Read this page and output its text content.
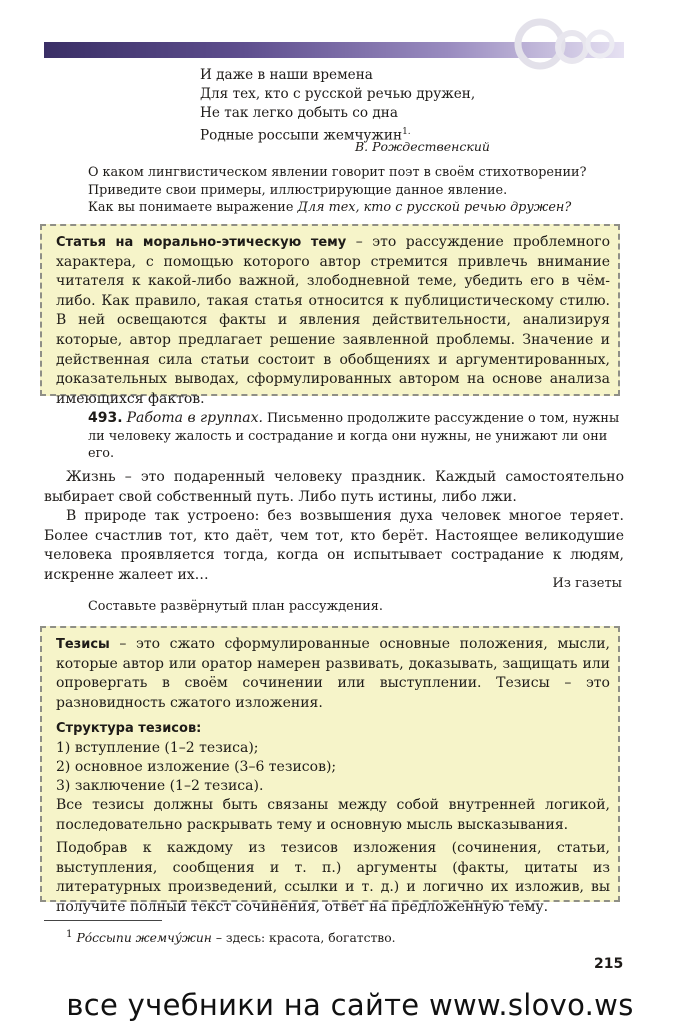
И даже в наши времена
Для тех, кто с русской речью дружен,
Не так легко добыть со дна
Родные россыпи жемчужин$^{1.}$
В. Рождественский
О каком лингвистическом явлении говорит поэт в своём стихотворении?
Приведите свои примеры, иллюстрирующие данное явление.
Как вы понимаете выражение Для тех, кто с русской речью дружен?

Статья на морально-этическую тему – это рассуждение проблемного характера, с помощью которого автор стремится привлечь внимание читателя к какой-либо важной, злободневной теме, убедить его в чём-либо. Как правило, такая статья относится к публицистическому стилю. В ней освещаются факты и явления действительности, анализируя которые, автор предлагает решение заявленной проблемы. Значение и действенная сила статьи состоит в обобщениях и аргументированных, доказательных выводах, сформулированных автором на основе анализа имеющихся фактов.

493. Работа в группах. Письменно продолжите рассуждение о том, нужны ли человеку жалость и сострадание и когда они нужны, не унижают ли они его.

Жизнь – это подаренный человеку праздник. Каждый самостоятельно выбирает свой собственный путь. Либо путь истины, либо лжи.

В природе так устроено: без возвышения духа человек многое теряет. Более счастлив тот, кто даёт, чем тот, кто берёт. Настоящее великодушие человека проявляется тогда, когда он испытывает сострадание к людям, искренне жалеет их…

Из газеты
Составьте развёрнутый план рассуждения.

Тезисы – это сжато сформулированные основные положения, мысли, которые автор или оратор намерен развивать, доказывать, защищать или опровергать в своём сочинении или выступлении. Тезисы – это разновидность сжатого изложения.

Структура тезисов:

1) вступление (1–2 тезиса);
2) основное изложение (3–6 тезисов);
3) заключение (1–2 тезиса).

Все тезисы должны быть связаны между собой внутренней логикой, последовательно раскрывать тему и основную мысль высказывания.

Подобрав к каждому из тезисов изложения (сочинения, статьи, выступления, сообщения и т. п.) аргументы (факты, цитаты из литературных произведений, ссылки и т. д.) и логично их изложив, вы получите полный текст сочинения, ответ на предложенную тему.

$^1$ Ро́ссыпи жемчу́жин – здесь: красота, богатство.
215
все учебники на сайте www.slovo.ws
